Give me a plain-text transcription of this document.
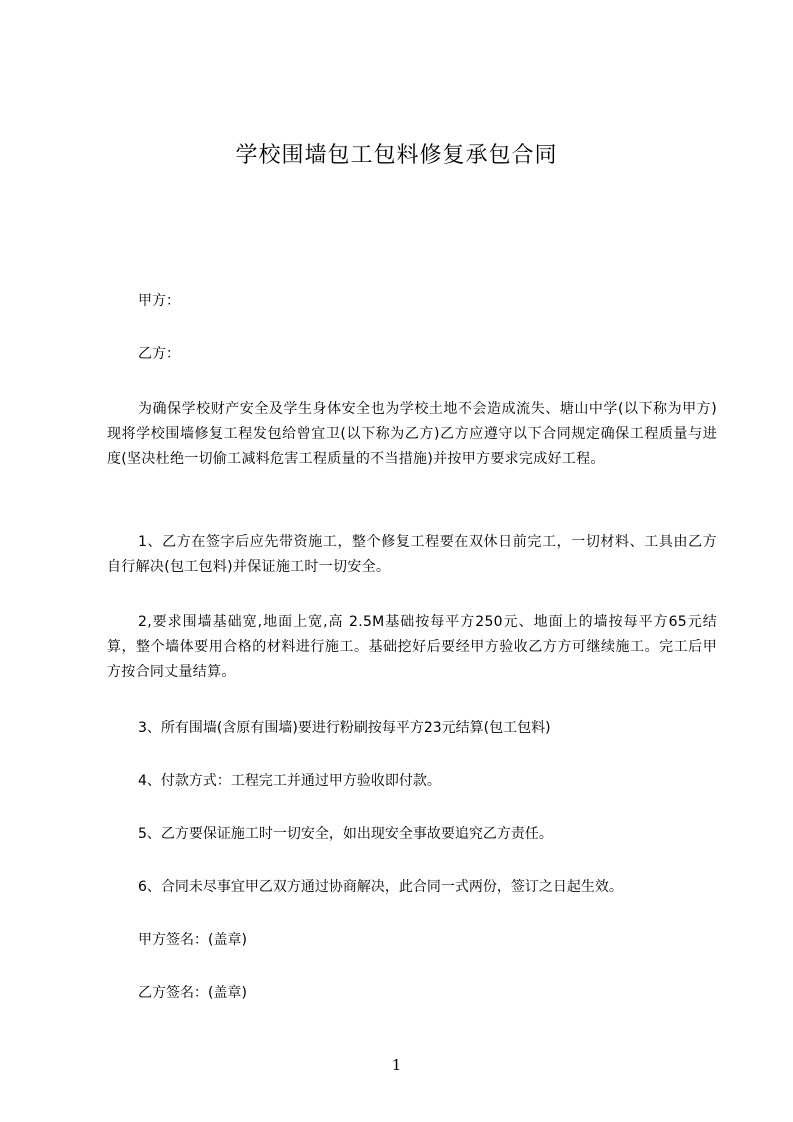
学校围墙包工包料修复承包合同
甲方：
乙方：
为确保学校财产安全及学生身体安全也为学校土地不会造成流失、塘山中学(以下称为甲方)现将学校围墙修复工程发包给曾宜卫(以下称为乙方)乙方应遵守以下合同规定确保工程质量与进度(坚决杜绝一切偷工减料危害工程质量的不当措施)并按甲方要求完成好工程。
1、乙方在签字后应先带资施工，整个修复工程要在双休日前完工，一切材料、工具由乙方自行解决(包工包料)并保证施工时一切安全。
2,要求围墙基础宽,地面上宽,高 2.5M基础按每平方250元、地面上的墙按每平方65元结算，整个墙体要用合格的材料进行施工。基础挖好后要经甲方验收乙方方可继续施工。完工后甲方按合同丈量结算。
3、所有围墙(含原有围墙)要进行粉刷按每平方23元结算(包工包料)
4、付款方式：工程完工并通过甲方验收即付款。
5、乙方要保证施工时一切安全，如出现安全事故要追究乙方责任。
6、合同未尽事宜甲乙双方通过协商解决，此合同一式两份，签订之日起生效。
甲方签名：(盖章)
乙方签名：(盖章)
1
